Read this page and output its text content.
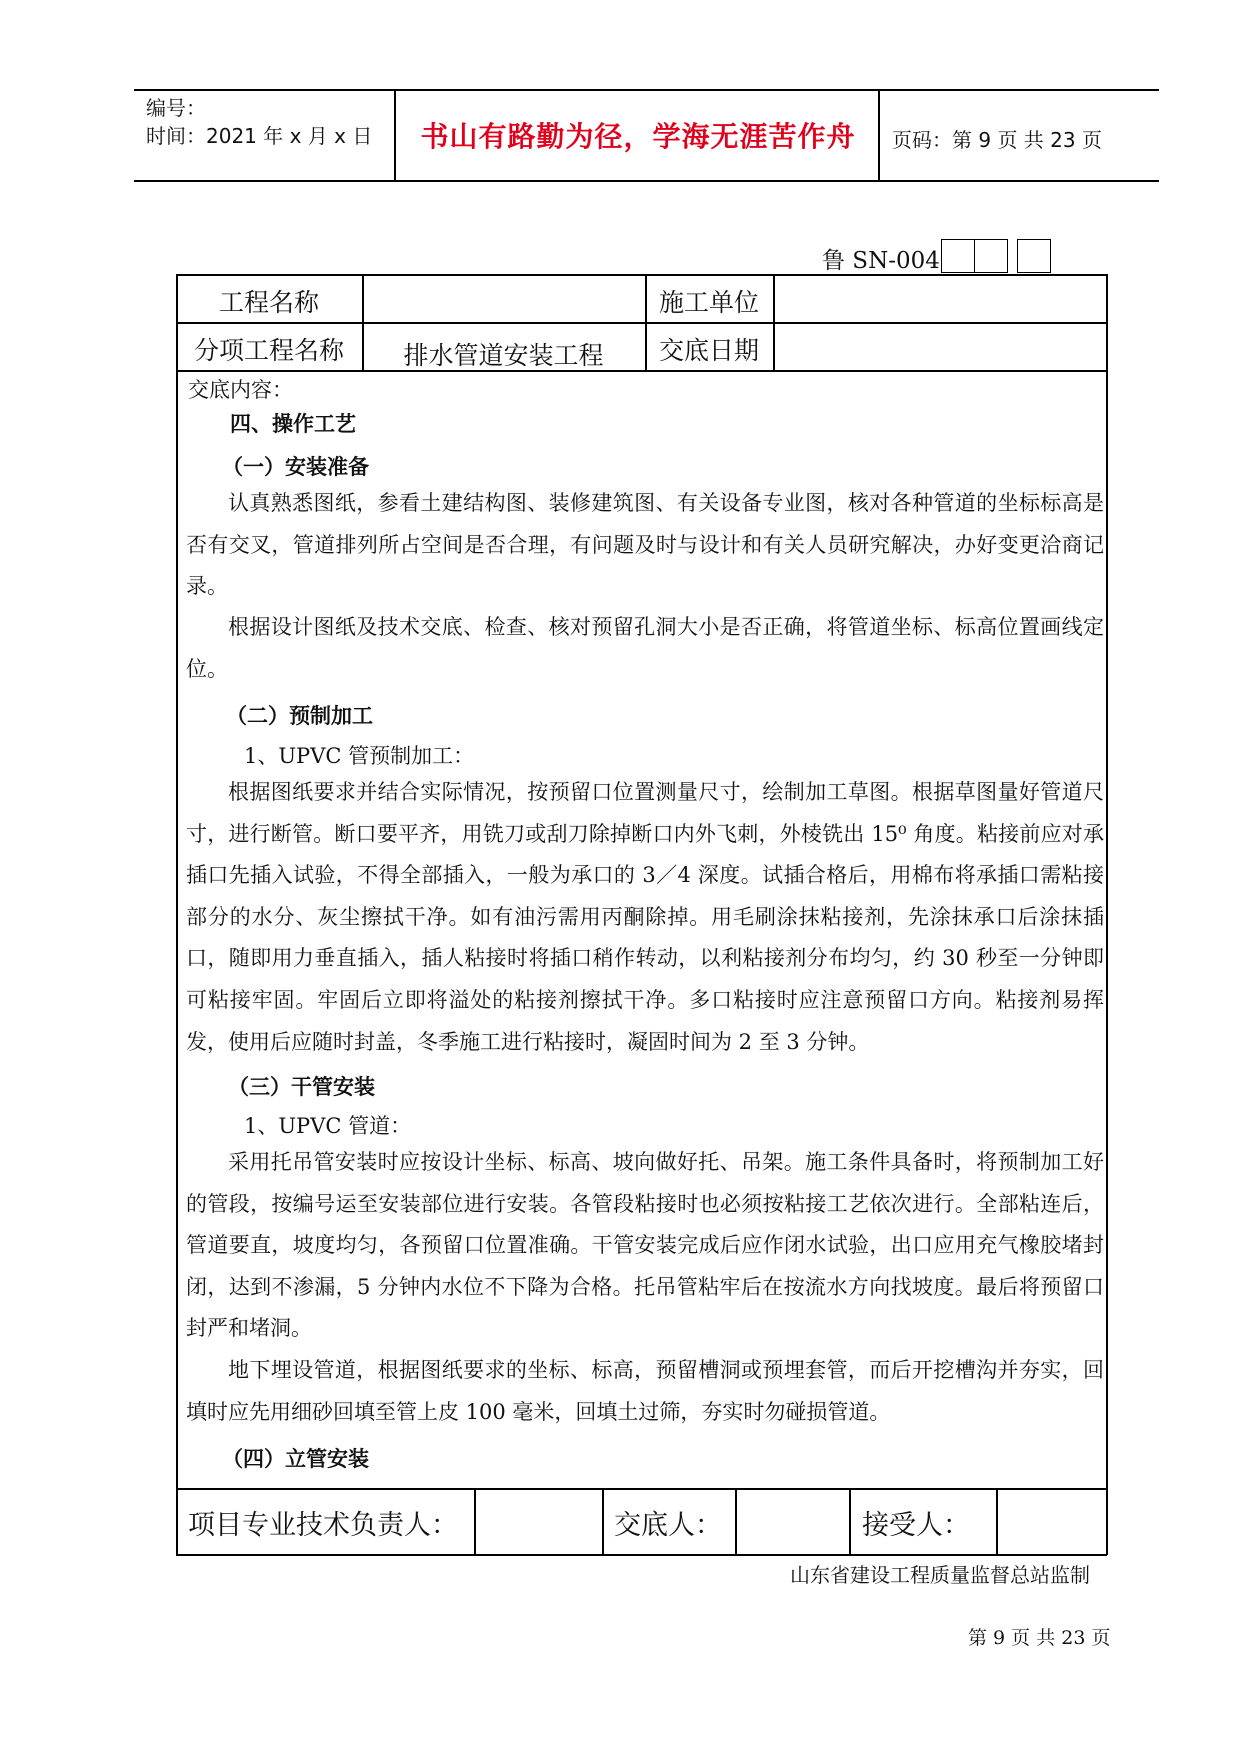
编号：
时间：2021 年 x 月 x 日	书山有路勤为径，学海无涯苦作舟	页码：第 9 页 共 23 页
鲁 SN-004
工程名称	施工单位
分项工程名称	排水管道安装工程	交底日期
交底内容：
四、操作工艺
（一）安装准备
认真熟悉图纸，参看土建结构图、装修建筑图、有关设备专业图，核对各种管道的坐标标高是否有交叉，管道排列所占空间是否合理，有问题及时与设计和有关人员研究解决，办好变更洽商记录。
根据设计图纸及技术交底、检查、核对预留孔洞大小是否正确，将管道坐标、标高位置画线定位。
（二）预制加工
1、UPVC 管预制加工：
根据图纸要求并结合实际情况，按预留口位置测量尺寸，绘制加工草图。根据草图量好管道尺寸，进行断管。断口要平齐，用铣刀或刮刀除掉断口内外飞刺，外棱铣出 15⁰ 角度。粘接前应对承插口先插入试验，不得全部插入，一般为承口的 3／4 深度。试插合格后，用棉布将承插口需粘接部分的水分、灰尘擦拭干净。如有油污需用丙酮除掉。用毛刷涂抹粘接剂，先涂抹承口后涂抹插口，随即用力垂直插入，插人粘接时将插口稍作转动，以利粘接剂分布均匀，约 30 秒至一分钟即可粘接牢固。牢固后立即将溢处的粘接剂擦拭干净。多口粘接时应注意预留口方向。粘接剂易挥发，使用后应随时封盖，冬季施工进行粘接时，凝固时间为 2 至 3 分钟。
（三）干管安装
1、UPVC 管道：
采用托吊管安装时应按设计坐标、标高、坡向做好托、吊架。施工条件具备时，将预制加工好的管段，按编号运至安装部位进行安装。各管段粘接时也必须按粘接工艺依次进行。全部粘连后，管道要直，坡度均匀，各预留口位置准确。干管安装完成后应作闭水试验，出口应用充气橡胶堵封闭，达到不渗漏，5 分钟内水位不下降为合格。托吊管粘牢后在按流水方向找坡度。最后将预留口封严和堵洞。
地下埋设管道，根据图纸要求的坐标、标高，预留槽洞或预埋套管，而后开挖槽沟并夯实，回填时应先用细砂回填至管上皮 100 毫米，回填土过筛，夯实时勿碰损管道。
（四）立管安装
项目专业技术负责人：	交底人：	接受人：
山东省建设工程质量监督总站监制
第 9 页 共 23 页
